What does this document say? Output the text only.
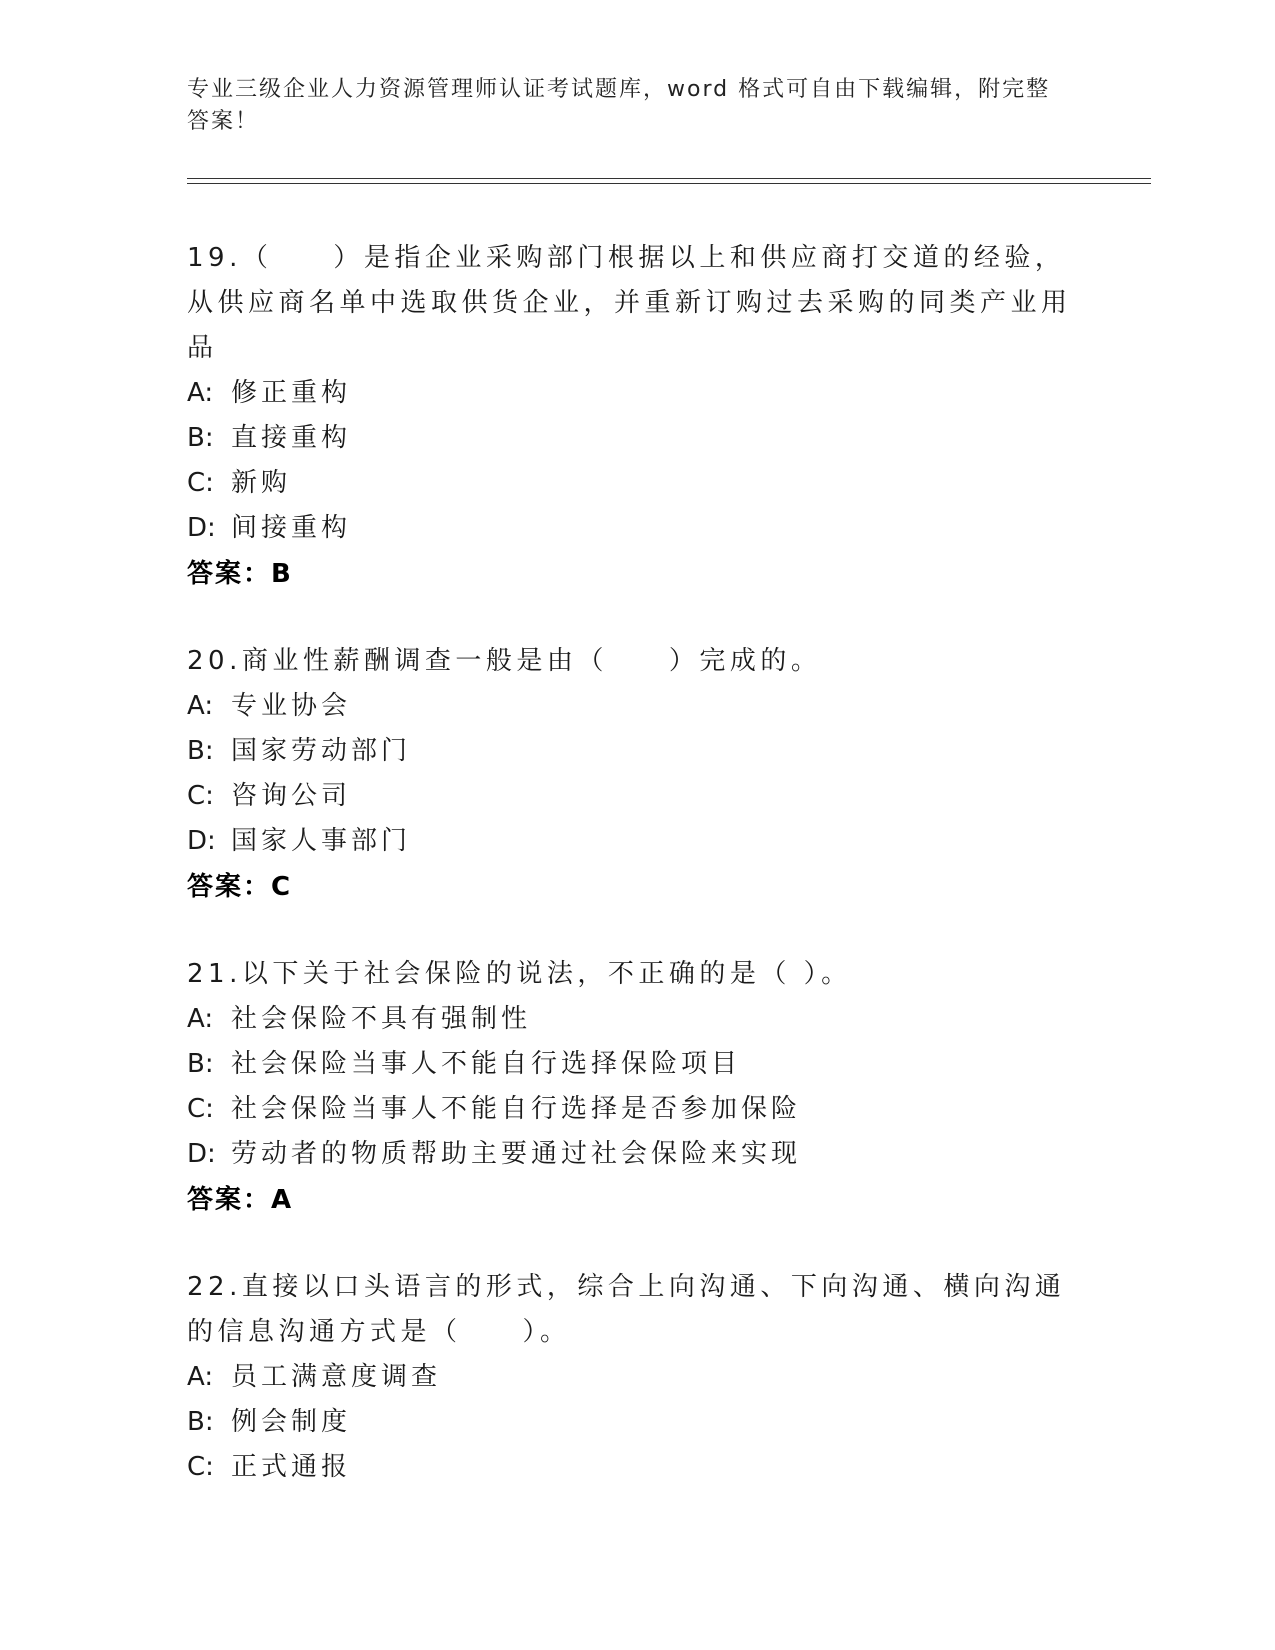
专业三级企业人力资源管理师认证考试题库，word 格式可自由下载编辑，附完整答案！
19.（　　）是指企业采购部门根据以上和供应商打交道的经验，从供应商名单中选取供货企业，并重新订购过去采购的同类产业用品
A: 修正重构
B: 直接重构
C: 新购
D: 间接重构
答案：B
20.商业性薪酬调查一般是由（　　）完成的。
A: 专业协会
B: 国家劳动部门
C: 咨询公司
D: 国家人事部门
答案：C
21.以下关于社会保险的说法，不正确的是（ ）。
A: 社会保险不具有强制性
B: 社会保险当事人不能自行选择保险项目
C: 社会保险当事人不能自行选择是否参加保险
D: 劳动者的物质帮助主要通过社会保险来实现
答案：A
22.直接以口头语言的形式，综合上向沟通、下向沟通、横向沟通的信息沟通方式是（　　）。
A: 员工满意度调查
B: 例会制度
C: 正式通报
